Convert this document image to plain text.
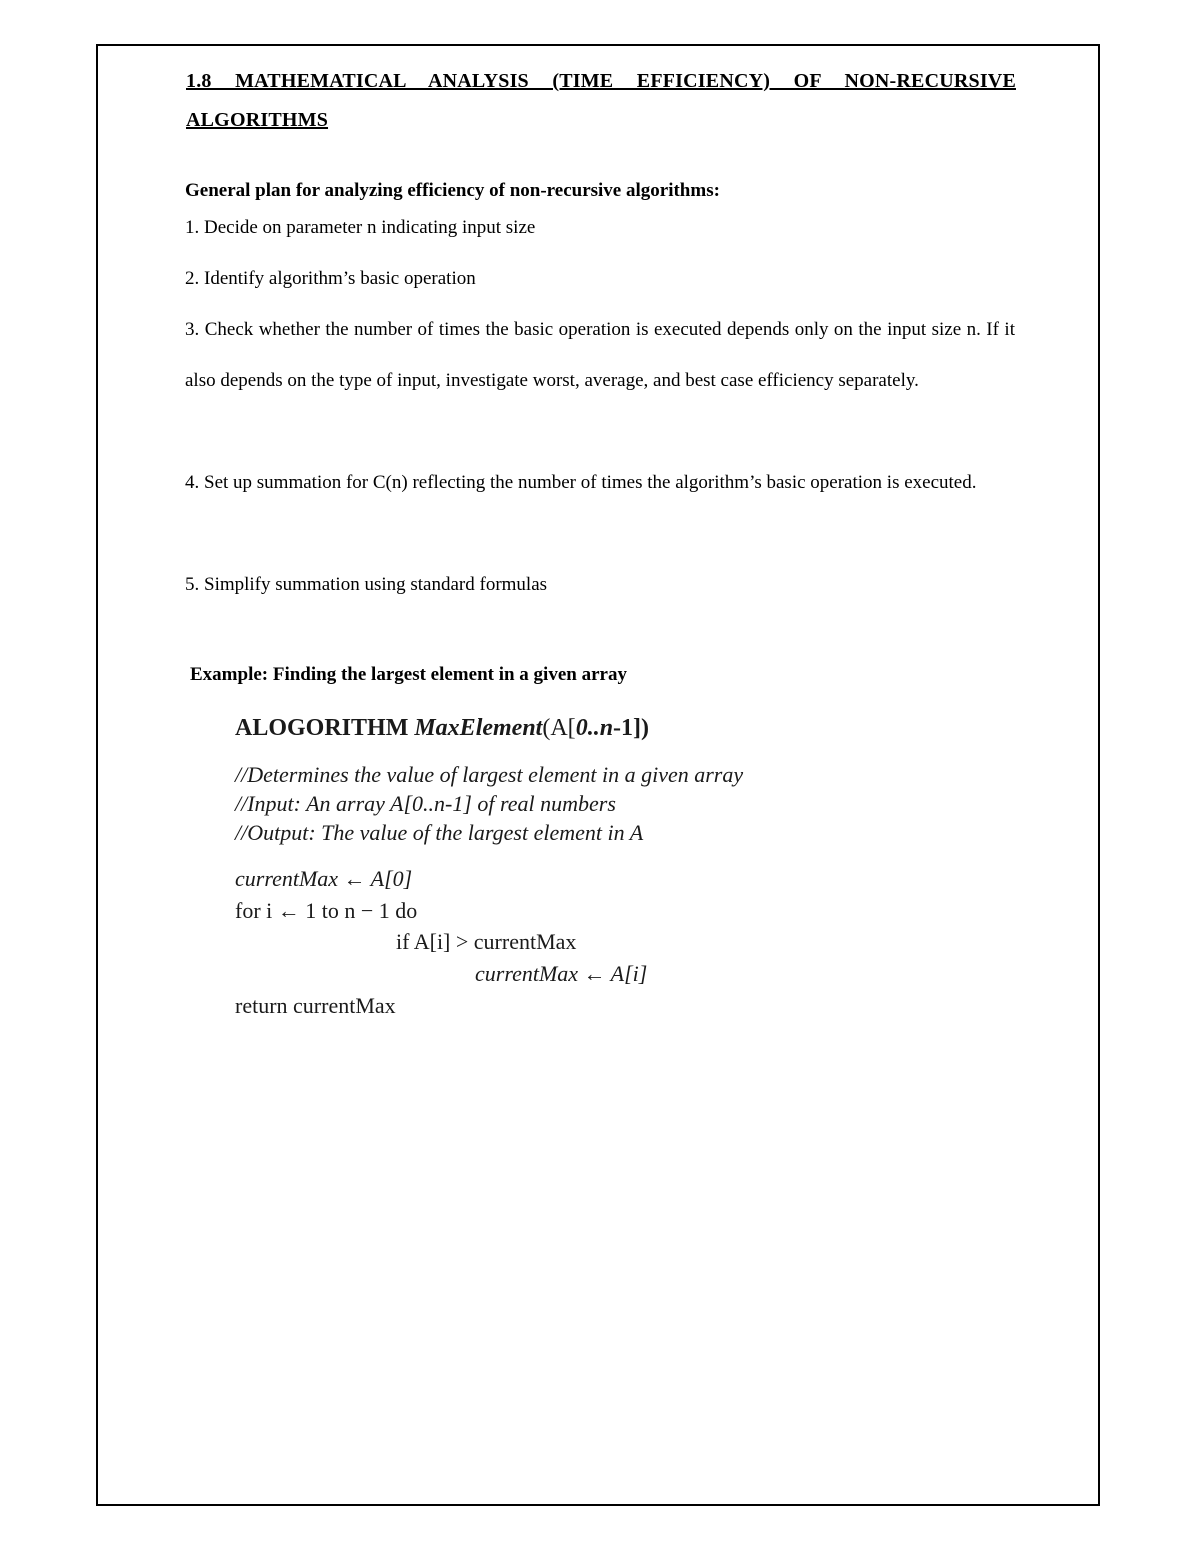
1.8 MATHEMATICAL ANALYSIS (TIME EFFICIENCY) OF NON-RECURSIVE ALGORITHMS
General plan for analyzing efficiency of non-recursive algorithms:
1. Decide on parameter n indicating input size
2. Identify algorithm’s basic operation
3. Check whether the number of times the basic operation is executed depends only on the input size n. If it also depends on the type of input, investigate worst, average, and best case efficiency separately.
4. Set up summation for C(n) reflecting the number of times the algorithm’s basic operation is executed.
5. Simplify summation using standard formulas
Example: Finding the largest element in a given array
ALOGORITHM MaxElement(A[0..n-1])
//Determines the value of largest element in a given array
//Input: An array A[0..n-1] of real numbers
//Output: The value of the largest element in A
currentMax ← A[0]
for i ← 1 to n − 1 do
if A[i] > currentMax
currentMax ← A[i]
return currentMax
